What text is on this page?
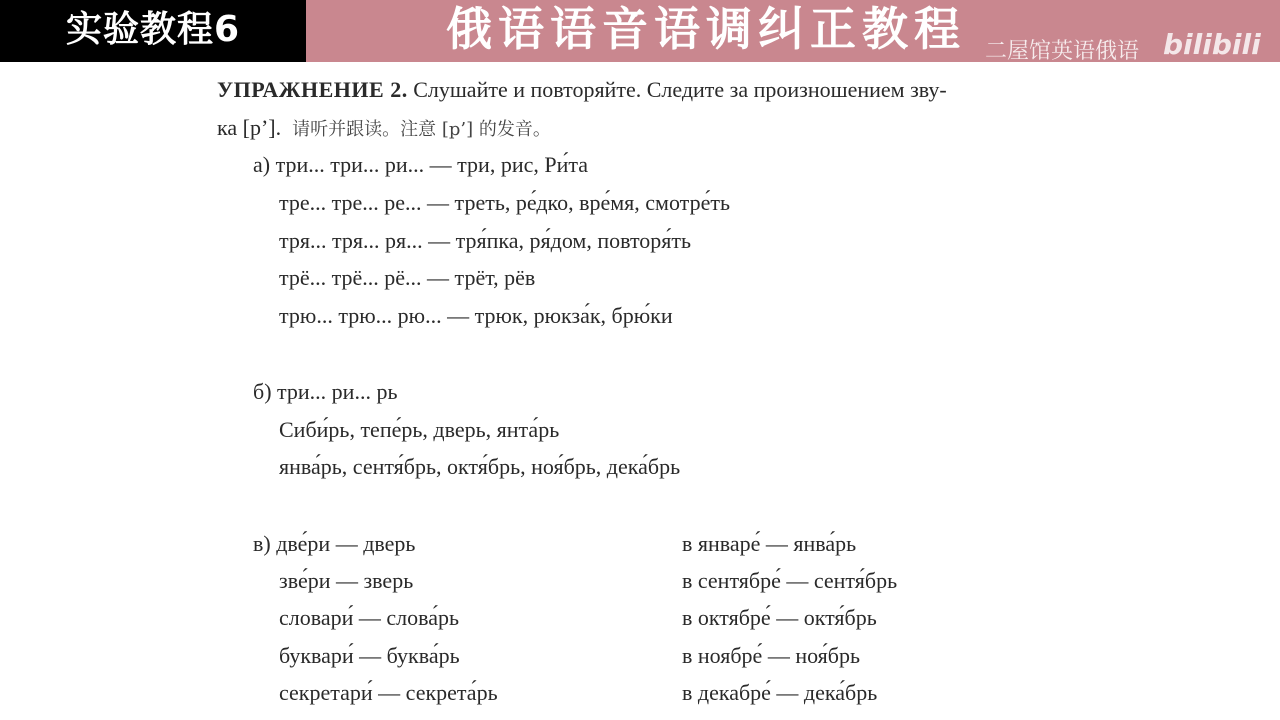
实验教程6	俄语语音语调纠正教程 二屋馆英语俄语 bilibili
УПРАЖНЕНИЕ 2. Слушайте и повторяйте. Следите за произношением зву-
ка [р’]. 请听并跟读。注意 [р’] 的发音。
а) три... три... ри... — три, рис, Ри́та
тре... тре... ре... — треть, ре́дко, вре́мя, смотре́ть
тря... тря... ря... — тря́пка, ря́дом, повторя́ть
трё... трё... рё... — трёт, рёв
трю... трю... рю... — трюк, рюкза́к, брю́ки
б) три... ри... рь
Сиби́рь, тепе́рь, дверь, янта́рь
янва́рь, сентя́брь, октя́брь, ноя́брь, дека́брь
в) две́ри — дверь
зве́ри — зверь
словари́ — слова́рь
буквари́ — буква́рь
секретари́ — секрета́рь
в январе́ — янва́рь
в сентябре́ — сентя́брь
в октябре́ — октя́брь
в ноябре́ — ноя́брь
в декабре́ — дека́брь
